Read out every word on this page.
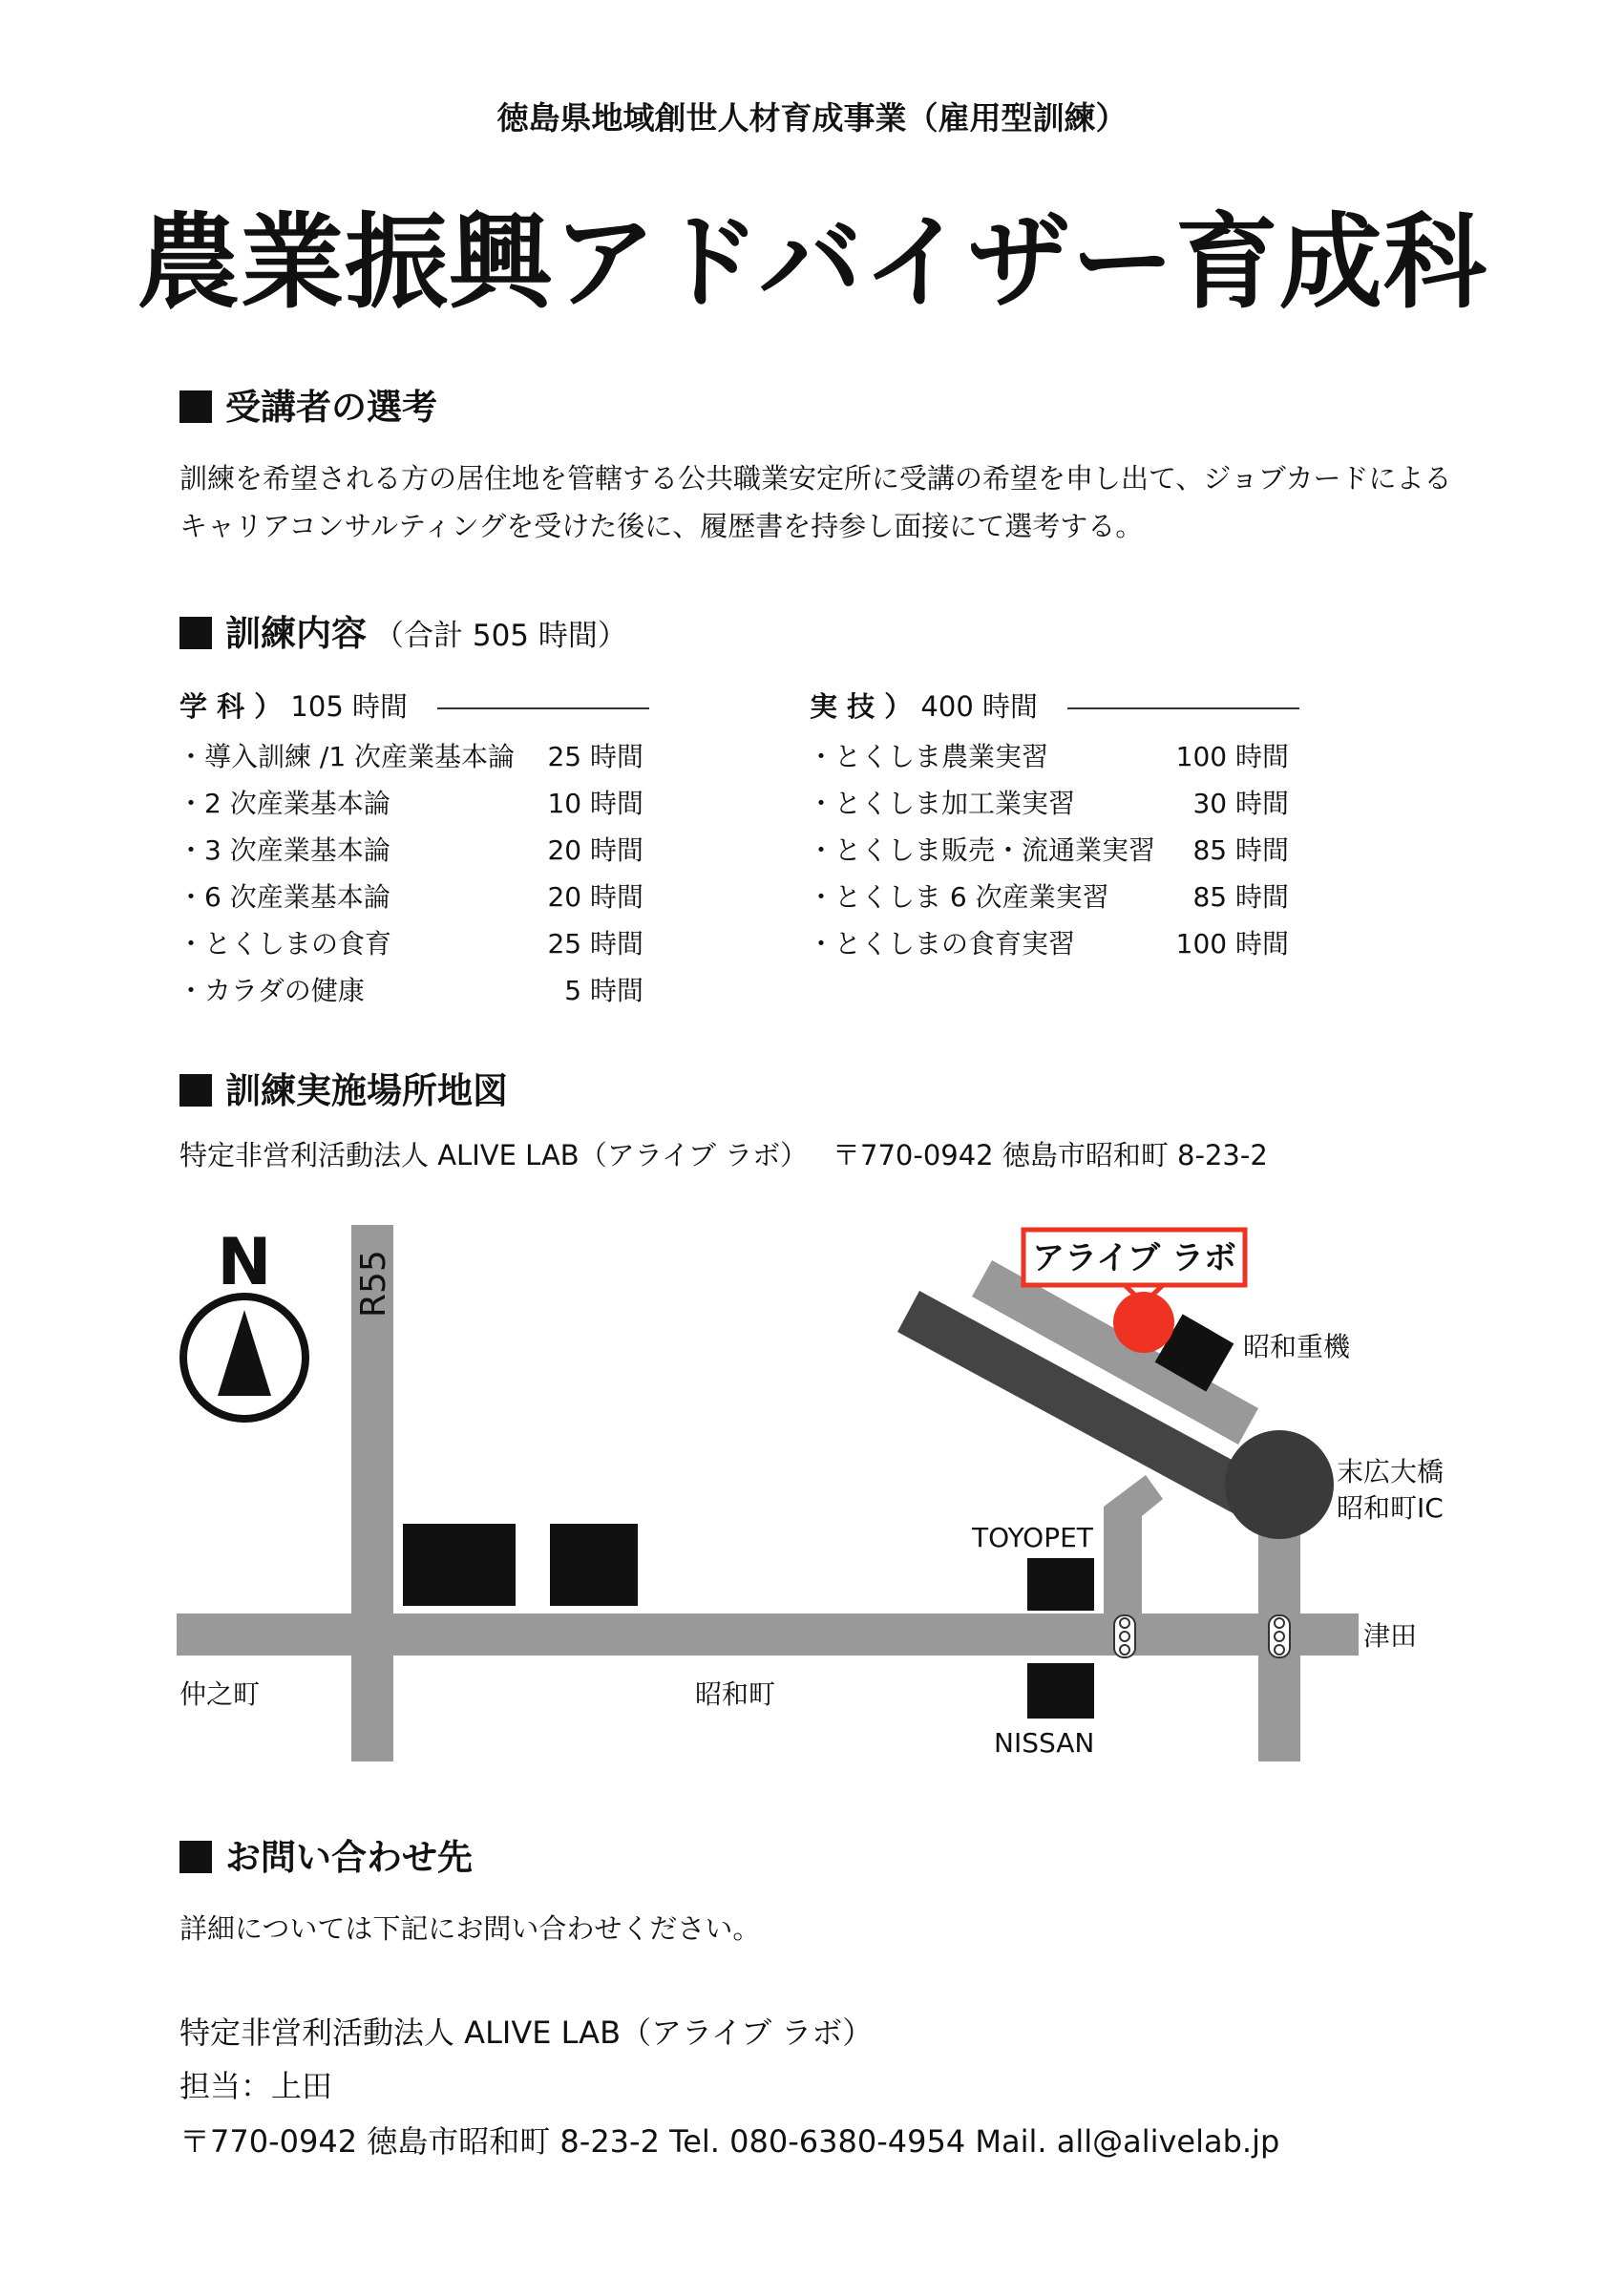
徳島県地域創世人材育成事業（雇用型訓練）
農業振興アドバイザー育成科
受講者の選考
訓練を希望される方の居住地を管轄する公共職業安定所に受講の希望を申し出て、ジョブカードによる
キャリアコンサルティングを受けた後に、履歴書を持参し面接にて選考する。
訓練内容 （合計 505 時間）
学 科 ） 105 時間	実 技 ） 400 時間
・導入訓練 /1 次産業基本論 25 時間
・2 次産業基本論	10 時間
・3 次産業基本論	20 時間
・6 次産業基本論	20 時間
・とくしまの食育	25 時間
・カラダの健康	5 時間
・とくしま農業実習	100 時間
・とくしま加工業実習	30 時間
・とくしま販売・流通業実習 85 時間
・とくしま 6 次産業実習	85 時間
・とくしまの食育実習	100 時間
訓練実施場所地図
特定非営利活動法人 ALIVE LAB（アライブ ラボ） 〒770-0942 徳島市昭和町 8-23-2
N R55
徳島
県庁
県警
本部
アライブ ラボ
昭和重機
末広大橋
昭和町IC
TOYOPET
NISSAN
津田
仲之町	昭和町
お問い合わせ先
詳細については下記にお問い合わせください。
特定非営利活動法人 ALIVE LAB（アライブ ラボ）
担当：上田
〒770-0942 徳島市昭和町 8-23-2 Tel. 080-6380-4954 Mail. all@alivelab.jp
